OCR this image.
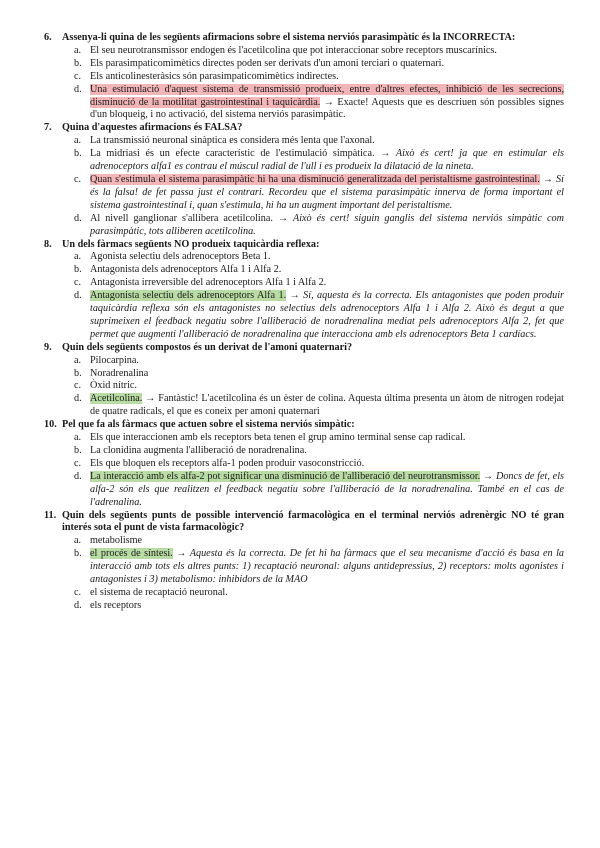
6. Assenya-li quina de les següents afirmacions sobre el sistema nerviós parasimpàtic és la INCORRECTA:
a. El seu neurotransmissor endogen és l'acetilcolina que pot interaccionar sobre receptors muscarínics.
b. Els parasimpaticomimètics directes poden ser derivats d'un amoni terciari o quaternari.
c. Els anticolinesteràsics són parasimpaticomimètics indirectes.
d. Una estimulació d'aquest sistema de transmissió produeix, entre d'altres efectes, inhibició de les secrecions, disminució de la motilitat gastrointestinal i taquicàrdia. → Exacte! Aquests que es descriuen són possibles signes d'un bloqueig, i no activació, del sistema nerviós parasimpàtic.
7. Quina d'aquestes afirmacions és FALSA?
a. La transmissió neuronal sinàptica es considera més lenta que l'axonal.
b. La midriasi és un efecte característic de l'estimulació simpàtica. → Això és cert! ja que en estimular els adrenoceptors alfa1 es contrau el múscul radial de l'ull i es produeix la dilatació de la nineta.
c. Quan s'estimula el sistema parasimpàtic hi ha una disminució generalitzada del peristaltisme gastrointestinal. → Sí és la falsa! de fet passa just el contrari. Recordeu que el sistema parasimpàtic innerva de forma important el sistema gastrointestinal i, quan s'estimula, hi ha un augment important del peristaltisme.
d. Al nivell ganglionar s'allibera acetilcolina. → Això és cert! siguin ganglis del sistema nerviós simpàtic com parasimpàtic, tots alliberen acetilcolina.
8. Un dels fàrmacs següents NO produeix taquicàrdia reflexa:
a. Agonista selectiu dels adrenoceptors Beta 1.
b. Antagonista dels adrenoceptors Alfa 1 i Alfa 2.
c. Antagonista irreversible del adrenoceptors Alfa 1 i Alfa 2.
d. Antagonista selectiu dels adrenoceptors Alfa 1. → Sí, aquesta és la correcta. Els antagonistes que poden produir taquicàrdia reflexa són els antagonistes no selectius dels adrenoceptors Alfa 1 i Alfa 2. Això és degut a que suprimeixen el feedback negatiu sobre l'alliberació de noradrenalina mediat pels adrenoceptors Alfa 2, fet que permet que augmenti l'alliberació de noradrenalina que interacciona amb els adrenoceptors Beta 1 cardíacs.
9. Quin dels següents compostos és un derivat de l'amoni quaternari?
a. Pilocarpina.
b. Noradrenalina
c. Òxid nítric.
d. Acetilcolina. → Fantàstic! L'acetilcolina és un èster de colina. Aquesta última presenta un àtom de nitrogen rodejat de quatre radicals, el que es coneix per amoni quaternari
10. Pel que fa als fàrmacs que actuen sobre el sistema nerviós simpàtic:
a. Els que interaccionen amb els receptors beta tenen el grup amino terminal sense cap radical.
b. La clonidina augmenta l'alliberació de noradrenalina.
c. Els que bloquen els receptors alfa-1 poden produir vasoconstricció.
d. La interacció amb els alfa-2 pot significar una disminució de l'alliberació del neurotransmissor. → Doncs de fet, els alfa-2 són els que realitzen el feedback negatiu sobre l'alliberació de la noradrenalina. També en el cas de l'adrenalina.
11. Quin dels següents punts de possible intervenció farmacològica en el terminal nerviós adrenèrgic NO té gran interés sota el punt de vista farmacològic?
a. metabolisme
b. el procés de síntesi. → Aquesta és la correcta. De fet hi ha fàrmacs que el seu mecanisme d'acció és basa en la interacció amb tots els altres punts: 1) recaptació neuronal: alguns antidepressius, 2) receptors: molts agonistes i antagonistes i 3) metabolismo: inhibidors de la MAO
c. el sistema de recaptació neuronal.
d. els receptors
